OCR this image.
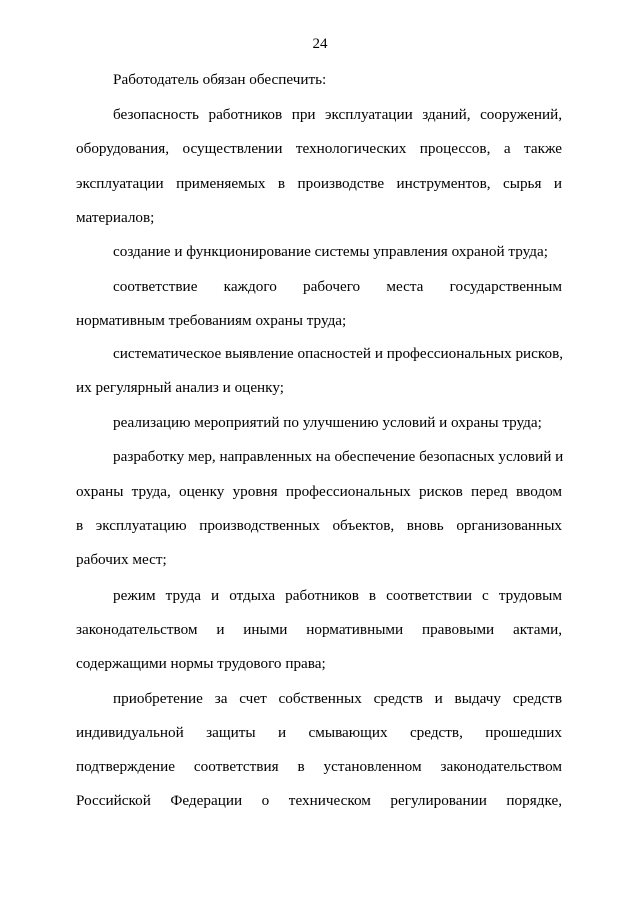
24
Работодатель обязан обеспечить:
безопасность работников при эксплуатации зданий, сооружений,
оборудования, осуществлении технологических процессов, а также
эксплуатации применяемых в производстве инструментов, сырья и
материалов;
создание и функционирование системы управления охраной труда;
соответствие каждого рабочего места государственным
нормативным требованиям охраны труда;
систематическое выявление опасностей и профессиональных рисков,
их регулярный анализ и оценку;
реализацию мероприятий по улучшению условий и охраны труда;
разработку мер, направленных на обеспечение безопасных условий и
охраны труда, оценку уровня профессиональных рисков перед вводом
в эксплуатацию производственных объектов, вновь организованных
рабочих мест;
режим труда и отдыха работников в соответствии с трудовым
законодательством и иными нормативными правовыми актами,
содержащими нормы трудового права;
приобретение за счет собственных средств и выдачу средств
индивидуальной защиты и смывающих средств, прошедших
подтверждение соответствия в установленном законодательством
Российской Федерации о техническом регулировании порядке,
